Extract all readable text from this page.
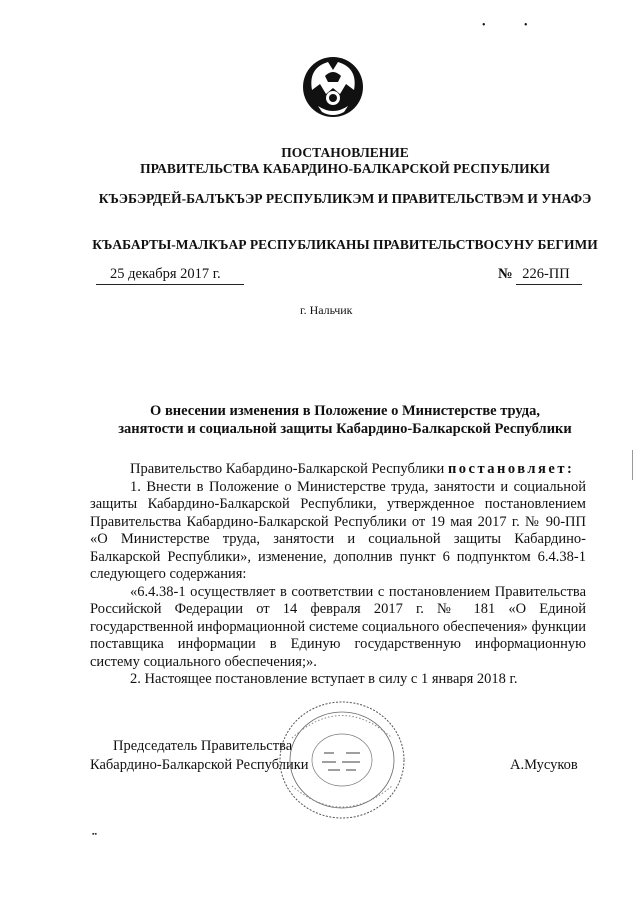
• •
ПОСТАНОВЛЕНИЕ
ПРАВИТЕЛЬСТВА КАБАРДИНО-БАЛКАРСКОЙ РЕСПУБЛИКИ
КЪЭБЭРДЕЙ-БАЛЪКЪЭР РЕСПУБЛИКЭМ И ПРАВИТЕЛЬСТВЭМ И УНАФЭ
КЪАБАРТЫ-МАЛКЪАР РЕСПУБЛИКАНЫ ПРАВИТЕЛЬСТВОСУНУ БЕГИМИ
25 декабря 2017 г.	№ 226-ПП
г. Нальчик
О внесении изменения в Положение о Министерстве труда,
занятости и социальной защиты Кабардино-Балкарской Республики

Правительство Кабардино-Балкарской Республики постановляет:

1. Внести в Положение о Министерстве труда, занятости и социальной защиты Кабардино-Балкарской Республики, утвержденное постановлением Правительства Кабардино-Балкарской Республики от 19 мая 2017 г. № 90-ПП «О Министерстве труда, занятости и социальной защиты Кабардино-Балкарской Республики», изменение, дополнив пункт 6 подпунктом 6.4.38-1 следующего содержания:

«6.4.38-1 осуществляет в соответствии с постановлением Правительства Российской Федерации от 14 февраля 2017 г. № 181 «О Единой государственной информационной системе социального обеспечения» функции поставщика информации в Единую государственную информационную систему социального обеспечения;».

2. Настоящее постановление вступает в силу с 1 января 2018 г.

Председатель Правительства
Кабардино-Балкарской Республики	А.Мусуков
▪▪
